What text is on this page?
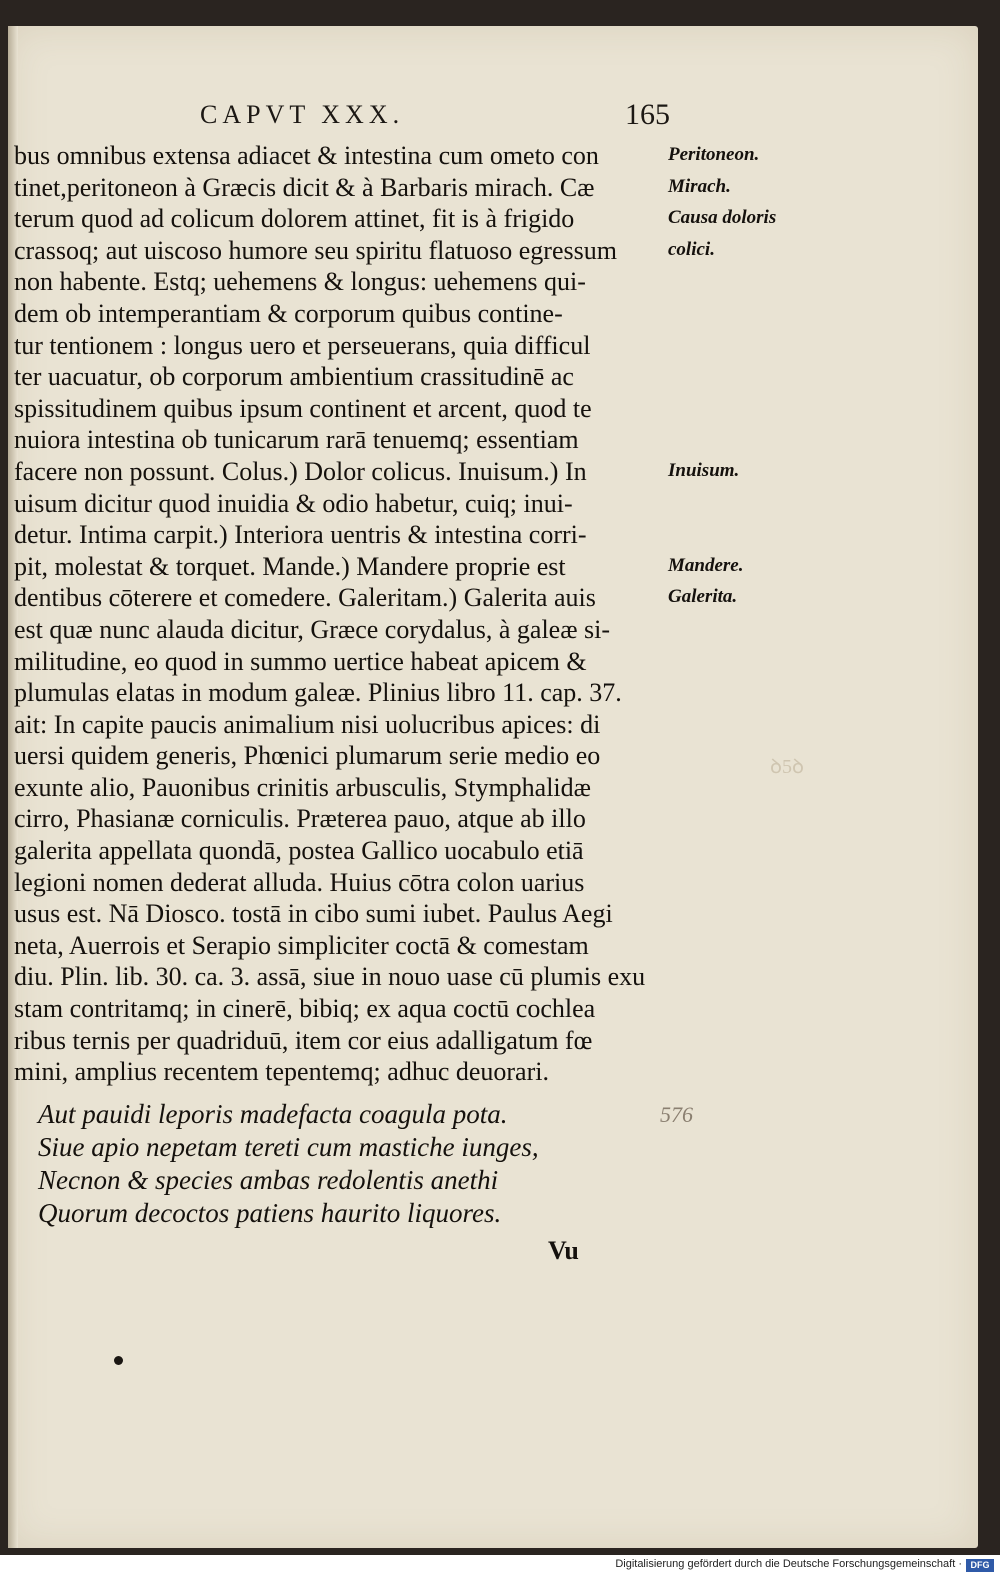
CAPVT XXX.	165
bus omnibus extensa adiacet & intestina cum ometo con
tinet,peritoneon à Græcis dicit & à Barbaris mirach. Cæ
terum quod ad colicum dolorem attinet, fit is à frigido
crassoq; aut uiscoso humore seu spiritu flatuoso egressum
non habente. Estq; uehemens & longus: uehemens qui-
dem ob intemperantiam & corporum quibus contine-
tur tentionem : longus uero et perseuerans, quia difficul
ter uacuatur, ob corporum ambientium crassitudinē ac
spissitudinem quibus ipsum continent et arcent, quod te
nuiora intestina ob tunicarum rarā tenuemq; essentiam
facere non possunt. Colus.) Dolor colicus. Inuisum.) In
uisum dicitur quod inuidia & odio habetur, cuiq; inui-
detur. Intima carpit.) Interiora uentris & intestina corri-
pit, molestat & torquet. Mande.) Mandere proprie est
dentibus cōterere et comedere. Galeritam.) Galerita auis
est quæ nunc alauda dicitur, Græce corydalus, à galeæ si-
militudine, eo quod in summo uertice habeat apicem &
plumulas elatas in modum galeæ. Plinius libro 11. cap. 37.
ait: In capite paucis animalium nisi uolucribus apices: di
uersi quidem generis, Phœnici plumarum serie medio eo
exunte alio, Pauonibus crinitis arbusculis, Stymphalidæ
cirro, Phasianæ corniculis. Præterea pauo, atque ab illo
galerita appellata quondā, postea Gallico uocabulo etiā
legioni nomen dederat alluda. Huius cōtra colon uarius
usus est. Nā Diosco. tostā in cibo sumi iubet. Paulus Aegi
neta, Auerrois et Serapio simpliciter coctā & comestam
diu. Plin. lib. 30. ca. 3. assā, siue in nouo uase cū plumis exu
stam contritamq; in cinerē, bibiq; ex aqua coctū cochlea
ribus ternis per quadriduū, item cor eius adalligatum fœ
mini, amplius recentem tepentemq; adhuc deuorari.
Peritoneon.
Mirach.
Causa doloris
colici.
Inuisum.
Mandere.
Galerita.
Aut pauidi leporis madefacta coagula pota.
Siue apio nepetam tereti cum mastiche iunges,
Necnon & species ambas redolentis anethi
Quorum decoctos patiens haurito liquores.
576
ꝺ5ꝺ
Vu
Digitalisierung gefördert durch die Deutsche Forschungsgemeinschaft · DFG
